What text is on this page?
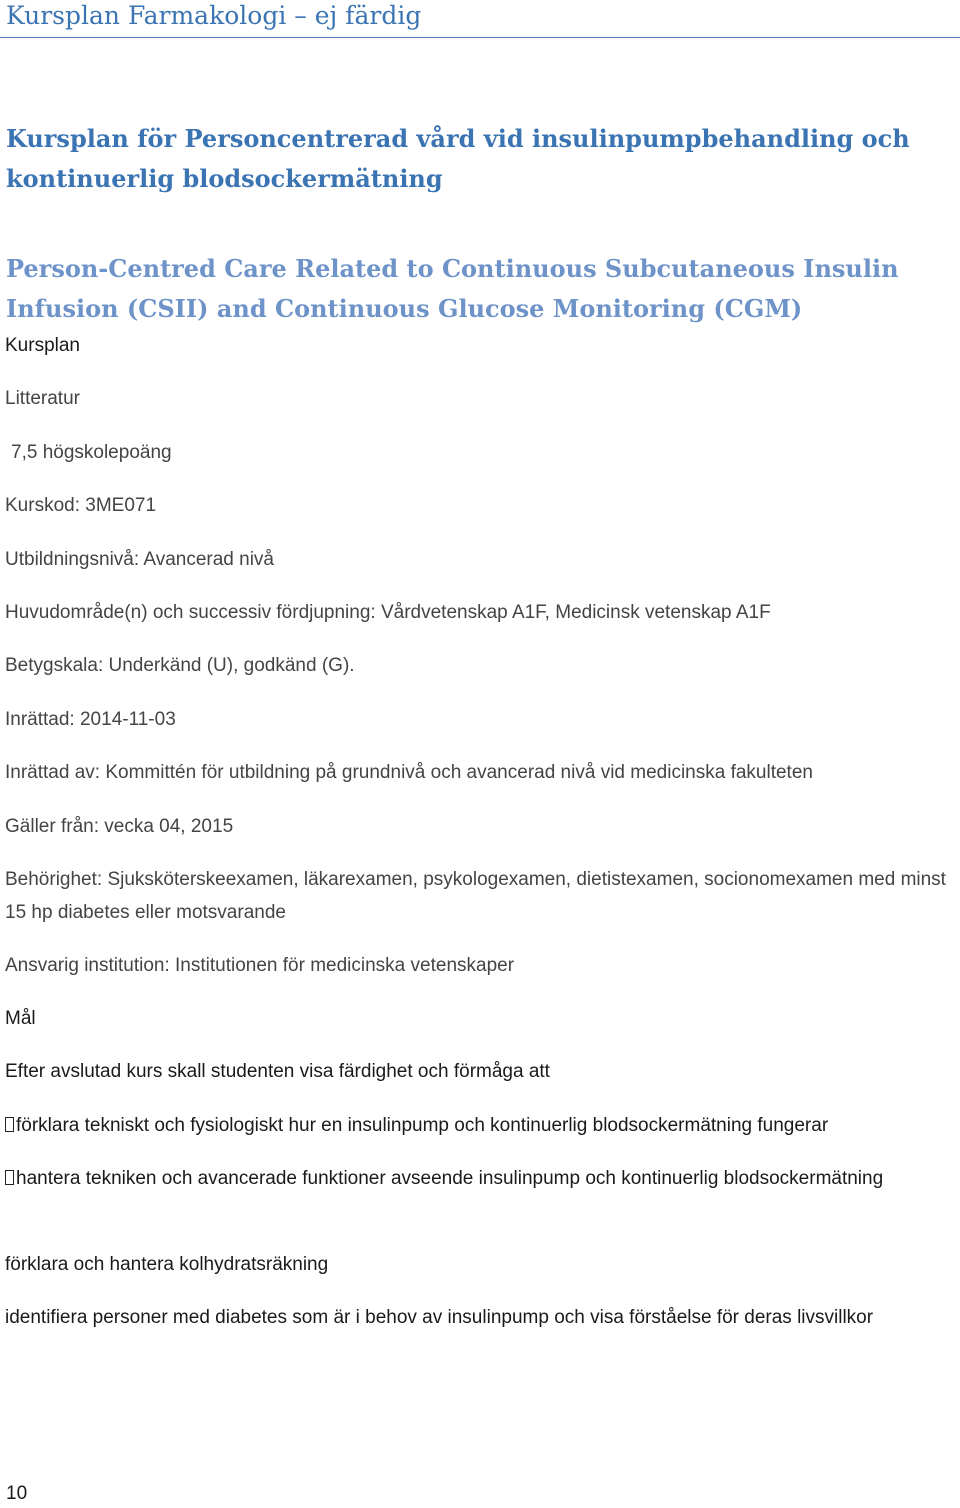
Kursplan Farmakologi – ej färdig
Kursplan för Personcentrerad vård vid insulinpumpbehandling och kontinuerlig blodsockermätning
Person-Centred Care Related to Continuous Subcutaneous Insulin Infusion (CSII) and Continuous Glucose Monitoring (CGM)
Kursplan
Litteratur
7,5 högskolepoäng
Kurskod: 3ME071
Utbildningsnivå: Avancerad nivå
Huvudområde(n) och successiv fördjupning: Vårdvetenskap A1F, Medicinsk vetenskap A1F
Betygskala: Underkänd (U), godkänd (G).
Inrättad: 2014-11-03
Inrättad av: Kommittén för utbildning på grundnivå och avancerad nivå vid medicinska fakulteten
Gäller från: vecka 04, 2015
Behörighet: Sjuksköterskeexamen, läkarexamen, psykologexamen, dietistexamen, socionomexamen med minst 15 hp diabetes eller motsvarande
Ansvarig institution: Institutionen för medicinska vetenskaper
Mål
Efter avslutad kurs skall studenten visa färdighet och förmåga att
förklara tekniskt och fysiologiskt hur en insulinpump och kontinuerlig blodsockermätning fungerar
hantera tekniken och avancerade funktioner avseende insulinpump och kontinuerlig blodsockermätning
förklara och hantera kolhydratsräkning
identifiera personer med diabetes som är i behov av insulinpump och visa förståelse för deras livsvillkor
10
